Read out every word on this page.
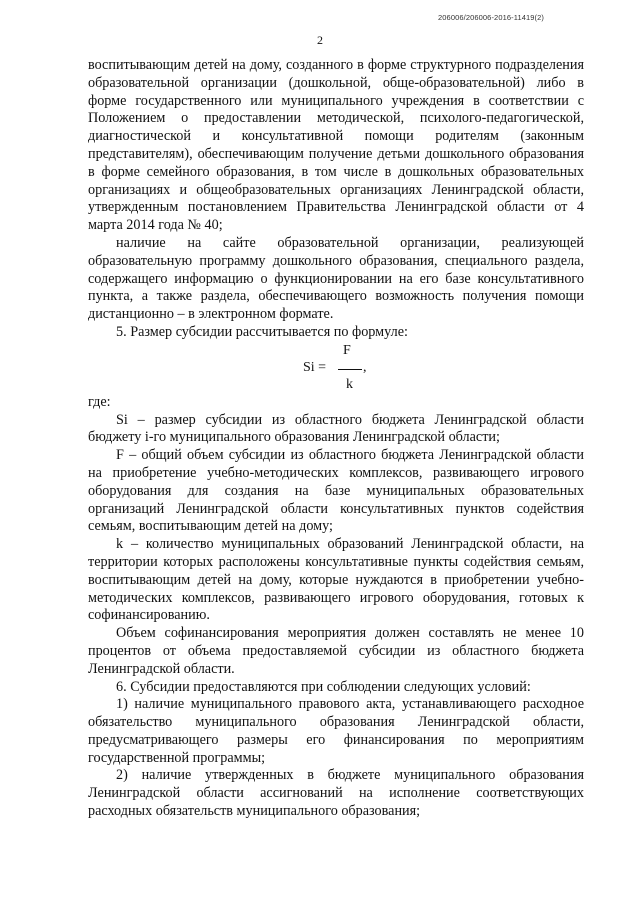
206006/206006-2016-11419(2)
2

воспитывающим детей на дому, созданного в форме структурного подразделения образовательной организации (дошкольной, обще-образовательной) либо в форме государственного или муниципального учреждения в соответствии с Положением о предоставлении методической, психолого-педагогической, диагностической и консультативной помощи родителям (законным представителям), обеспечивающим получение детьми дошкольного образования в форме семейного образования, в том числе в дошкольных образовательных организациях и общеобразовательных организациях Ленинградской области, утвержденным постановлением Правительства Ленинградской области от 4 марта 2014 года № 40;

наличие на сайте образовательной организации, реализующей образовательную программу дошкольного образования, специального раздела, содержащего информацию о функционировании на его базе консультативного пункта, а также раздела, обеспечивающего возможность получения помощи дистанционно – в электронном формате.

5. Размер субсидии рассчитывается по формуле:

F
Si =	,
k

где:

Si – размер субсидии из областного бюджета Ленинградской области бюджету i-го муниципального образования Ленинградской области;

F – общий объем субсидии из областного бюджета Ленинградской области на приобретение учебно-методических комплексов, развивающего игрового оборудования для создания на базе муниципальных образовательных организаций Ленинградской области консультативных пунктов содействия семьям, воспитывающим детей на дому;

k – количество муниципальных образований Ленинградской области, на территории которых расположены консультативные пункты содействия семьям, воспитывающим детей на дому, которые нуждаются в приобретении учебно-методических комплексов, развивающего игрового оборудования, готовых к софинансированию.

Объем софинансирования мероприятия должен составлять не менее 10 процентов от объема предоставляемой субсидии из областного бюджета Ленинградской области.

6. Субсидии предоставляются при соблюдении следующих условий:

1) наличие муниципального правового акта, устанавливающего расходное обязательство муниципального образования Ленинградской области, предусматривающего размеры его финансирования по мероприятиям государственной программы;

2) наличие утвержденных в бюджете муниципального образования Ленинградской области ассигнований на исполнение соответствующих расходных обязательств муниципального образования;
